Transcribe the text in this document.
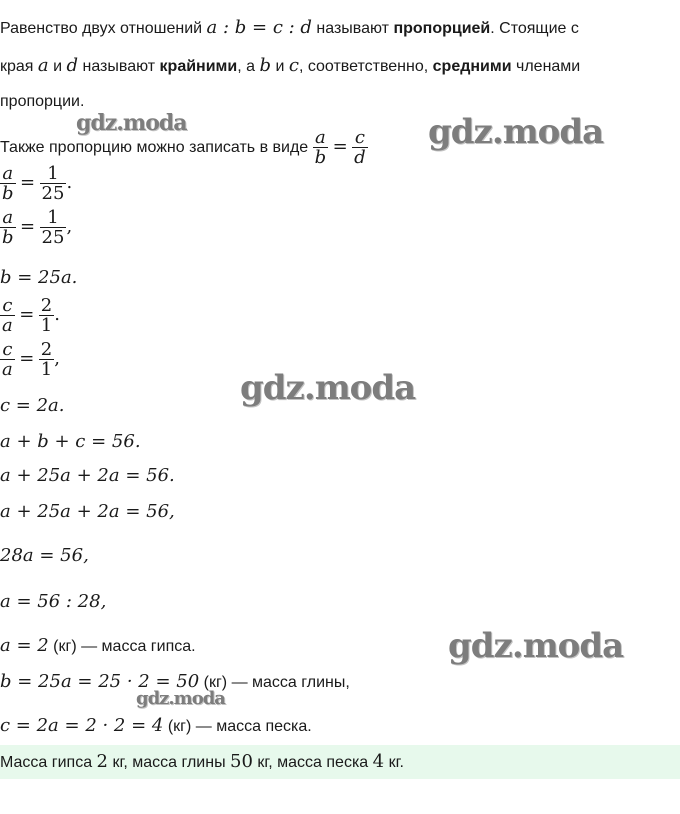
Равенство двух отношений a : b = c : d называют пропорцией. Стоящие с
края a и d называют крайними, а b и c, соответственно, средними членами
пропорции.
Также пропорцию можно записать в виде $\frac{a}{b} = \frac{c}{d}$
$\frac{a}{b} = \frac{1}{25}$ .
$\frac{a}{b} = \frac{1}{25}$ ,
b = 25a.
$\frac{c}{a} = \frac{2}{1}$ .
$\frac{c}{a} = \frac{2}{1}$ ,
c = 2a.
a + b + c = 56.
a + 25a + 2a = 56.
a + 25a + 2a = 56,
28a = 56,
a = 56 : 28,
a = 2 (кг) — масса гипса.
b = 25a = 25 · 2 = 50 (кг) — масса глины,
c = 2a = 2 · 2 = 4 (кг) — масса песка.
Масса гипса 2 кг, масса глины 50 кг, масса песка 4 кг.
gdz.moda	gdz.moda
gdz.moda
gdz.moda
gdz.moda
